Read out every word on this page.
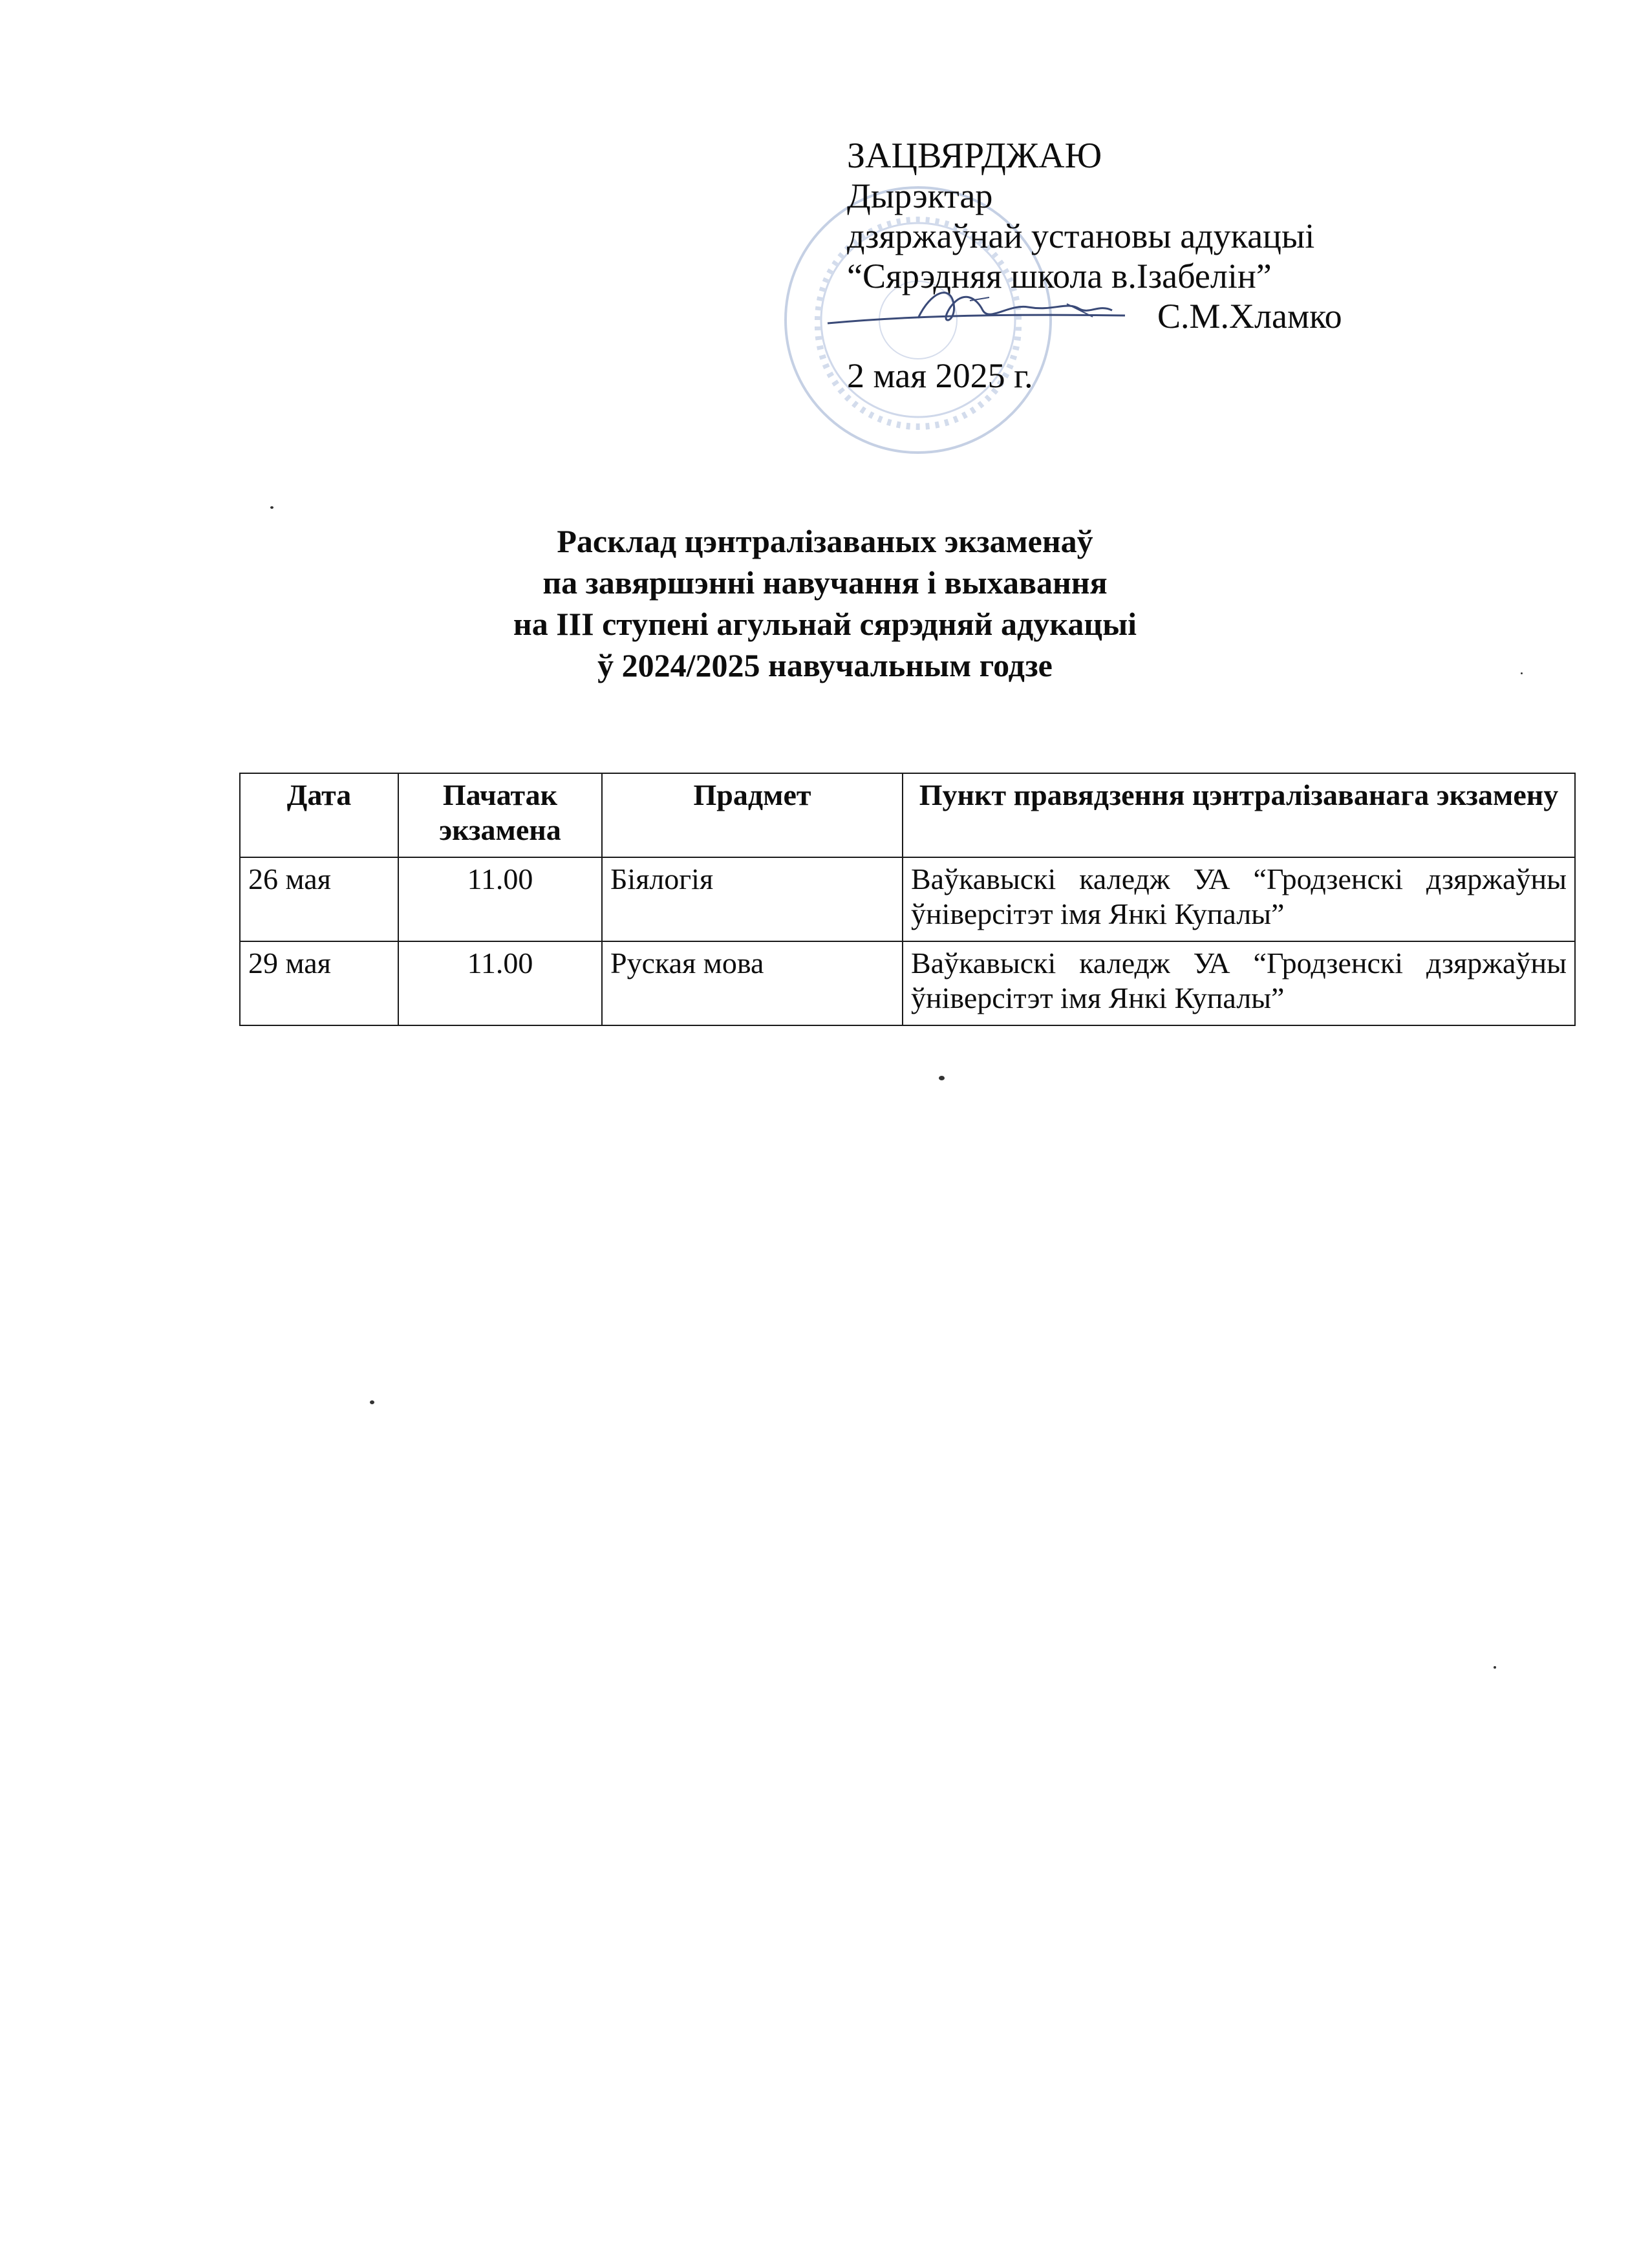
ЗАЦВЯРДЖАЮ
Дырэктар
дзяржаўнай установы адукацыі
“Сярэдняя школа в.Ізабелін”
С.М.Хламко
2 мая 2025 г.
Расклад цэнтралізаваных экзаменаў
па завяршэнні навучання і выхавання
на III ступені агульнай сярэдняй адукацыі
ў 2024/2025 навучальным годзе
Дата	Пачатак экзамена	Прадмет	Пункт правядзення цэнтралізаванага экзамену
26 мая	11.00	Біялогія	Ваўкавыскі каледж УА “Гродзенскі дзяржаўны ўніверсітэт імя Янкі Купалы”
29 мая	11.00	Руская мова	Ваўкавыскі каледж УА “Гродзенскі дзяржаўны ўніверсітэт імя Янкі Купалы”
